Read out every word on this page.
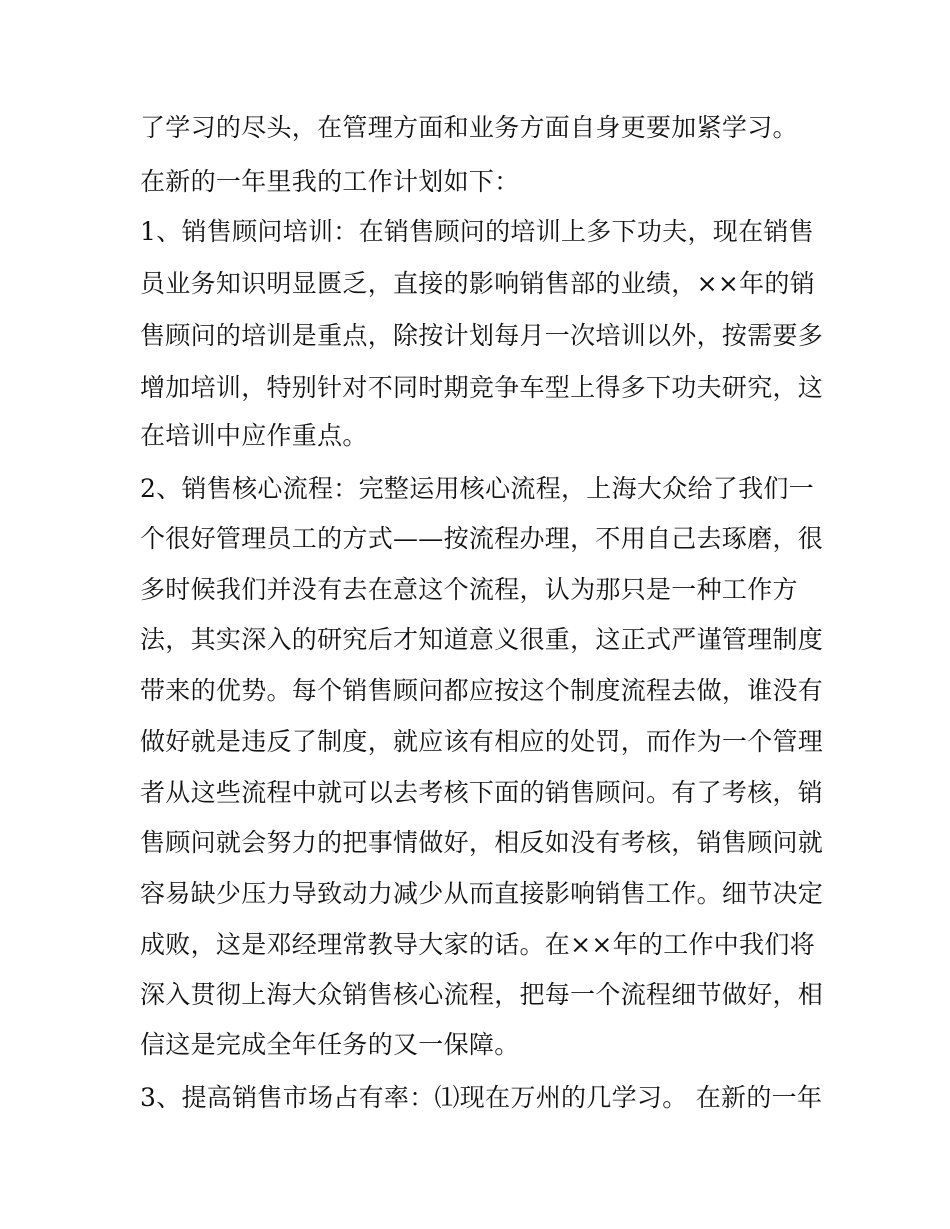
了学习的尽头，在管理方面和业务方面自身更要加紧学习。
在新的一年里我的工作计划如下：
1、销售顾问培训：在销售顾问的培训上多下功夫，现在销售
员业务知识明显匮乏，直接的影响销售部的业绩，××年的销
售顾问的培训是重点，除按计划每月一次培训以外，按需要多
增加培训，特别针对不同时期竞争车型上得多下功夫研究，这
在培训中应作重点。
2、销售核心流程：完整运用核心流程，上海大众给了我们一
个很好管理员工的方式——按流程办理，不用自己去琢磨，很
多时候我们并没有去在意这个流程，认为那只是一种工作方
法，其实深入的研究后才知道意义很重，这正式严谨管理制度
带来的优势。每个销售顾问都应按这个制度流程去做，谁没有
做好就是违反了制度，就应该有相应的处罚，而作为一个管理
者从这些流程中就可以去考核下面的销售顾问。有了考核，销
售顾问就会努力的把事情做好，相反如没有考核，销售顾问就
容易缺少压力导致动力减少从而直接影响销售工作。细节决定
成败，这是邓经理常教导大家的话。在××年的工作中我们将
深入贯彻上海大众销售核心流程，把每一个流程细节做好，相
信这是完成全年任务的又一保障。
3、提高销售市场占有率：⑴现在万州的几学习。 在新的一年
